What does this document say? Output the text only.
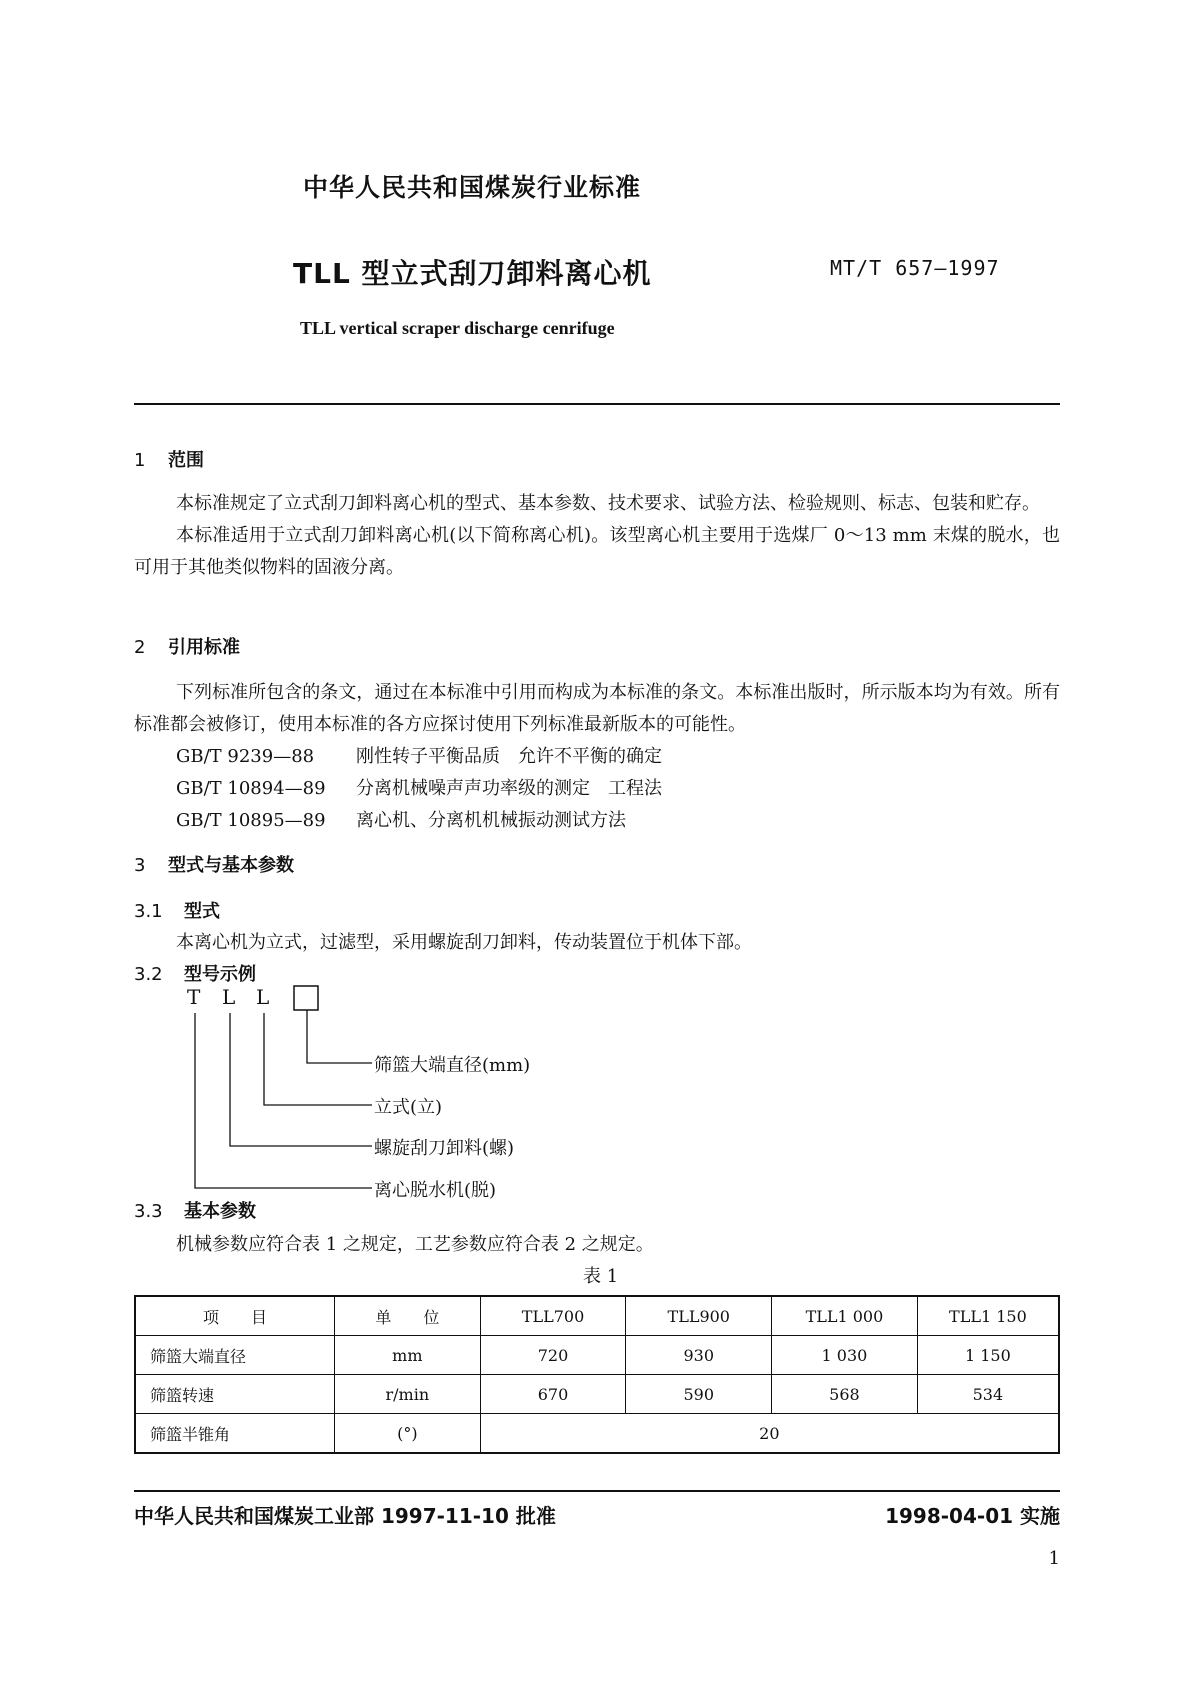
中华人民共和国煤炭行业标准
TLL 型立式刮刀卸料离心机	MT/T 657—1997
TLL vertical scraper discharge cenrifuge
1 范围

本标准规定了立式刮刀卸料离心机的型式、基本参数、技术要求、试验方法、检验规则、标志、包装和贮存。

本标准适用于立式刮刀卸料离心机(以下简称离心机)。该型离心机主要用于选煤厂 0～13 mm 末煤的脱水，也可用于其他类似物料的固液分离。

2 引用标准

下列标准所包含的条文，通过在本标准中引用而构成为本标准的条文。本标准出版时，所示版本均为有效。所有标准都会被修订，使用本标准的各方应探讨使用下列标准最新版本的可能性。

GB/T 9239—88 刚性转子平衡品质　允许不平衡的确定
GB/T 10894—89 分离机械噪声声功率级的测定　工程法
GB/T 10895—89 离心机、分离机机械振动测试方法
3 型式与基本参数
3.1 型式
本离心机为立式，过滤型，采用螺旋刮刀卸料，传动装置位于机体下部。
3.2 型号示例
T L L
筛篮大端直径(mm)
立式(立)
螺旋刮刀卸料(螺)
离心脱水机(脱)
3.3 基本参数
机械参数应符合表 1 之规定，工艺参数应符合表 2 之规定。
表 1
项　　目	单　　位	TLL700	TLL900	TLL1 000	TLL1 150
筛篮大端直径	mm	720	930	1 030	1 150
筛篮转速	r/min	670	590	568	534
筛篮半锥角	(°)	20			
中华人民共和国煤炭工业部 1997-11-10 批准	1998-04-01 实施
1
